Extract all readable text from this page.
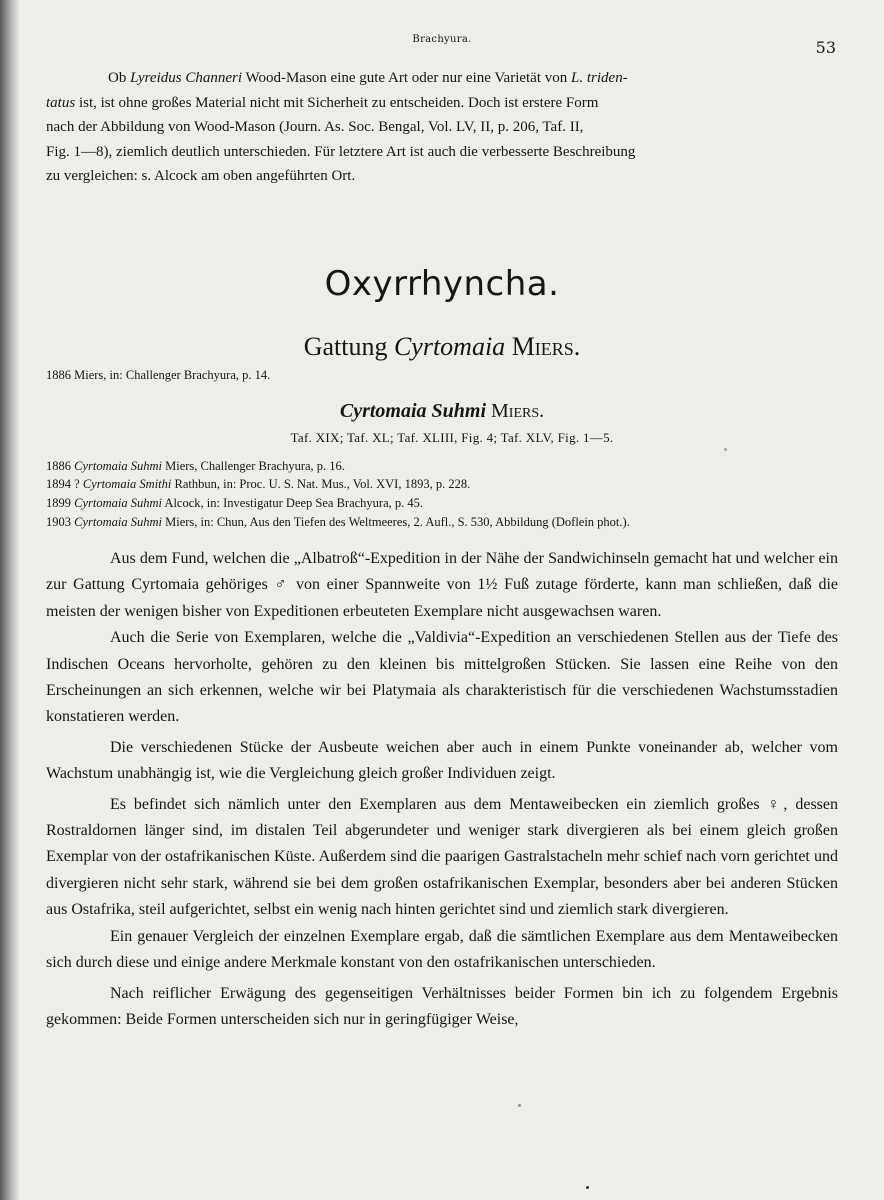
Brachyura.	53
Ob Lyreidus Channeri Wood-Mason eine gute Art oder nur eine Varietät von L. triden-
tatus ist, ist ohne großes Material nicht mit Sicherheit zu entscheiden. Doch ist erstere Form
nach der Abbildung von Wood-Mason (Journ. As. Soc. Bengal, Vol. LV, II, p. 206, Taf. II,
Fig. 1—8), ziemlich deutlich unterschieden. Für letztere Art ist auch die verbesserte Beschreibung
zu vergleichen: s. Alcock am oben angeführten Ort.
Oxyrrhyncha.
Gattung Cyrtomaia Miers.
1886 Miers, in: Challenger Brachyura, p. 14.
Cyrtomaia Suhmi Miers.
Taf. XIX; Taf. XL; Taf. XLIII, Fig. 4; Taf. XLV, Fig. 1—5.
1886 Cyrtomaia Suhmi Miers, Challenger Brachyura, p. 16.
1894 ? Cyrtomaia Smithi Rathbun, in: Proc. U. S. Nat. Mus., Vol. XVI, 1893, p. 228.
1899 Cyrtomaia Suhmi Alcock, in: Investigatur Deep Sea Brachyura, p. 45.
1903 Cyrtomaia Suhmi Miers, in: Chun, Aus den Tiefen des Weltmeeres, 2. Aufl., S. 530, Abbildung (Doflein phot.).

Aus dem Fund, welchen die „Albatroß“-Expedition in der Nähe der Sandwichinseln gemacht hat und welcher ein zur Gattung Cyrtomaia gehöriges ♂ von einer Spannweite von 1½ Fuß zutage förderte, kann man schließen, daß die meisten der wenigen bisher von Expeditionen erbeuteten Exemplare nicht ausgewachsen waren.

Auch die Serie von Exemplaren, welche die „Valdivia“-Expedition an verschiedenen Stellen aus der Tiefe des Indischen Oceans hervorholte, gehören zu den kleinen bis mittelgroßen Stücken. Sie lassen eine Reihe von den Erscheinungen an sich erkennen, welche wir bei Platymaia als charakteristisch für die verschiedenen Wachstumsstadien konstatieren werden.

Die verschiedenen Stücke der Ausbeute weichen aber auch in einem Punkte voneinander ab, welcher vom Wachstum unabhängig ist, wie die Vergleichung gleich großer Individuen zeigt.

Es befindet sich nämlich unter den Exemplaren aus dem Mentaweibecken ein ziemlich großes ♀, dessen Rostraldornen länger sind, im distalen Teil abgerundeter und weniger stark divergieren als bei einem gleich großen Exemplar von der ostafrikanischen Küste. Außerdem sind die paarigen Gastralstacheln mehr schief nach vorn gerichtet und divergieren nicht sehr stark, während sie bei dem großen ostafrikanischen Exemplar, besonders aber bei anderen Stücken aus Ostafrika, steil aufgerichtet, selbst ein wenig nach hinten gerichtet sind und ziemlich stark divergieren.

Ein genauer Vergleich der einzelnen Exemplare ergab, daß die sämtlichen Exemplare aus dem Mentaweibecken sich durch diese und einige andere Merkmale konstant von den ostafrikanischen unterschieden.

Nach reiflicher Erwägung des gegenseitigen Verhältnisses beider Formen bin ich zu folgendem Ergebnis gekommen: Beide Formen unterscheiden sich nur in geringfügiger Weise,
